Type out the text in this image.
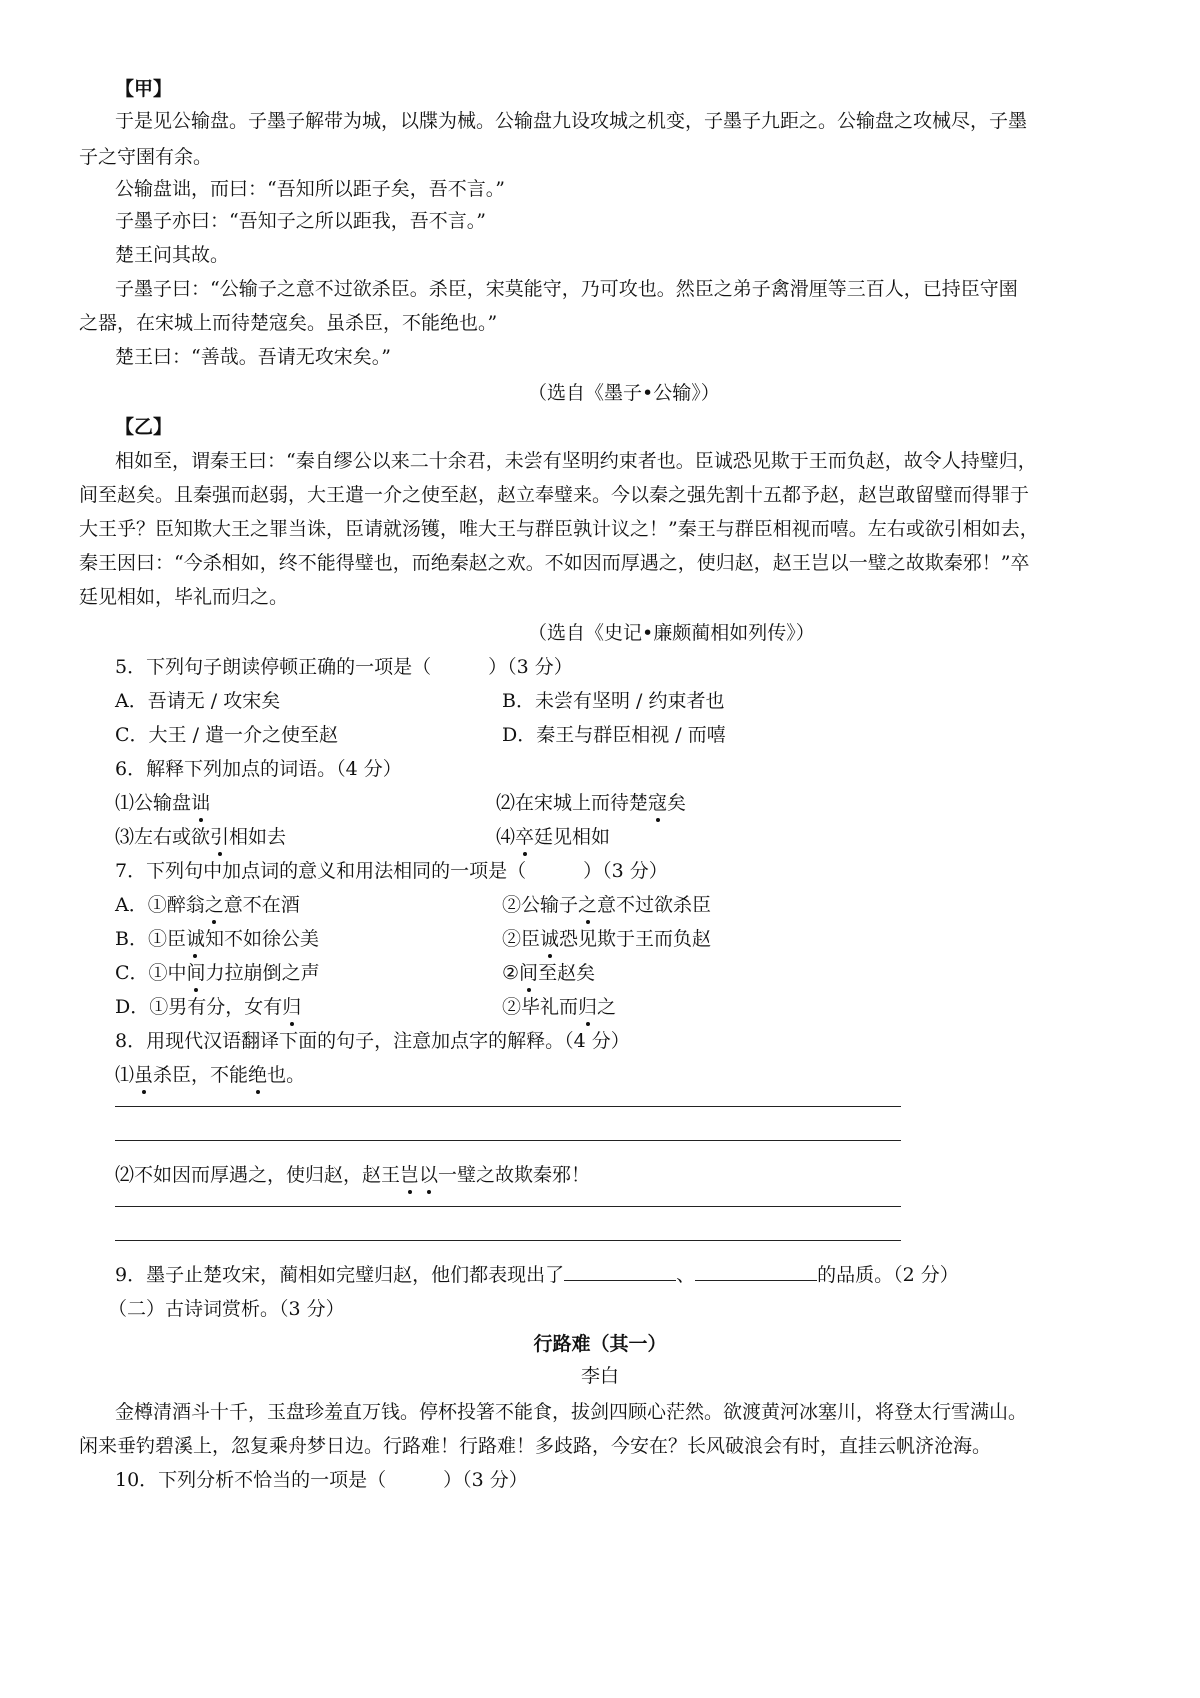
【甲】
于是见公输盘。子墨子解带为城，以牒为械。公输盘九设攻城之机变，子墨子九距之。公输盘之攻械尽，子墨
子之守圉有余。
公输盘诎，而曰：“吾知所以距子矣，吾不言。”
子墨子亦曰：“吾知子之所以距我，吾不言。”
楚王问其故。
子墨子曰：“公输子之意不过欲杀臣。杀臣，宋莫能守，乃可攻也。然臣之弟子禽滑厘等三百人，已持臣守圉
之器，在宋城上而待楚寇矣。虽杀臣，不能绝也。”
楚王曰：“善哉。吾请无攻宋矣。”
（选自《墨子•公输》）
【乙】
相如至，谓秦王曰：“秦自缪公以来二十余君，未尝有坚明约束者也。臣诚恐见欺于王而负赵，故令人持璧归，
间至赵矣。且秦强而赵弱，大王遣一介之使至赵，赵立奉璧来。今以秦之强先割十五都予赵，赵岂敢留璧而得罪于
大王乎？臣知欺大王之罪当诛，臣请就汤镬，唯大王与群臣孰计议之！”秦王与群臣相视而嘻。左右或欲引相如去，
秦王因曰：“今杀相如，终不能得璧也，而绝秦赵之欢。不如因而厚遇之，使归赵，赵王岂以一璧之故欺秦邪！”卒
廷见相如，毕礼而归之。
（选自《史记•廉颇蔺相如列传》）
5．下列句子朗读停顿正确的一项是（　　　）（3 分）
A．吾请无 / 攻宋矣	B．未尝有坚明 / 约束者也
C．大王 / 遣一介之使至赵	D．秦王与群臣相视 / 而嘻
6．解释下列加点的词语。（4 分）
⑴公输盘诎	⑵在宋城上而待楚寇矣
⑶左右或欲引相如去	⑷卒廷见相如
7．下列句中加点词的意义和用法相同的一项是（　　　）（3 分）
A．①醉翁之意不在酒	②公输子之意不过欲杀臣
B．①臣诚知不如徐公美	②臣诚恐见欺于王而负赵
C．①中间力拉崩倒之声	②间至赵矣
D．①男有分，女有归	②毕礼而归之
8．用现代汉语翻译下面的句子，注意加点字的解释。（4 分）
⑴虽杀臣，不能绝也。
⑵不如因而厚遇之，使归赵，赵王岂以一璧之故欺秦邪！
9．墨子止楚攻宋，蔺相如完璧归赵，他们都表现出了	、	的品质。（2 分）
（二）古诗词赏析。（3 分）
行路难（其一）
李白
金樽清酒斗十千，玉盘珍羞直万钱。停杯投箸不能食，拔剑四顾心茫然。欲渡黄河冰塞川，将登太行雪满山。
闲来垂钓碧溪上，忽复乘舟梦日边。行路难！行路难！多歧路，今安在？长风破浪会有时，直挂云帆济沧海。
10．下列分析不恰当的一项是（　　　）（3 分）
